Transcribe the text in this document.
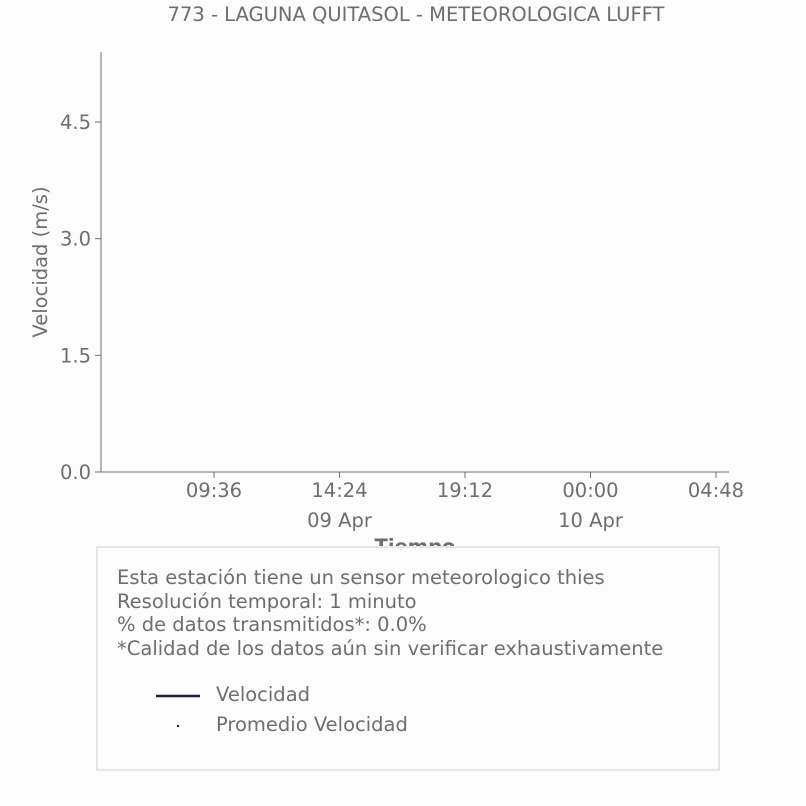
773 - LAGUNA QUITASOL - METEOROLOGICA LUFFT
0.0
1.5
3.0
4.5
09:36	14:24
09 Apr
19:12	00:00
10 Apr
04:48
Velocidad (m/s)
Esta estación tiene un sensor meteorologico thies
Resolución temporal: 1 minuto
% de datos transmitidos*: 0.0%
*Calidad de los datos aún sin verificar exhaustivamente
Velocidad
Promedio Velocidad
